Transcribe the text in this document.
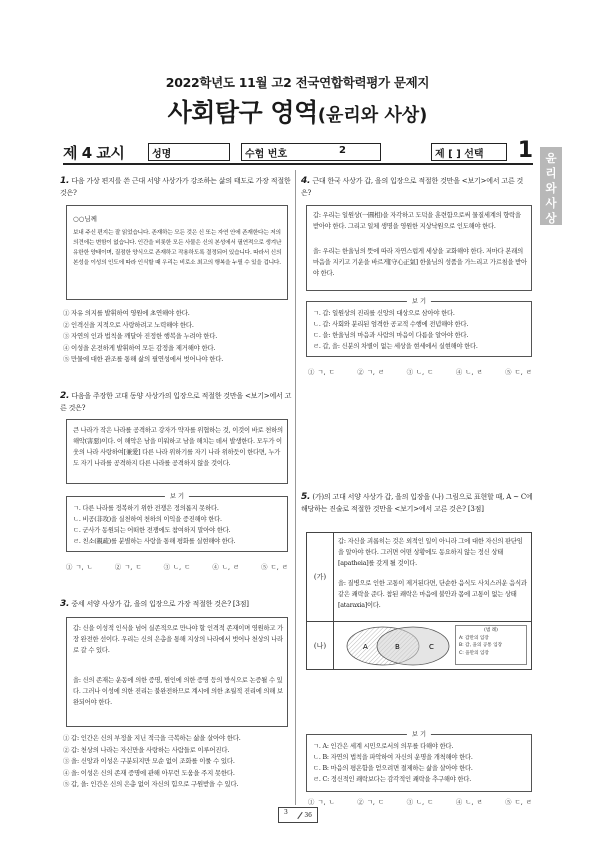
2022학년도 11월 고2 전국연합학력평가 문제지
사회탐구 영역(윤리와 사상)
제 4 교시	성명	수험 번호	2	제 [ ] 선택 1 윤리와 사상
1. 다음 가상 편지를 쓴 근대 서양 사상가가 강조하는 삶의 태도로 가장 적절한 것은?
○○님께
보내 주신 편지는 잘 읽었습니다. 존재하는 모든 것은 신 또는 자연 안에 존재한다는 저의 의견에는 변함이 없습니다. 인간을 비롯한 모든 사물은 신의 본성에서 필연적으로 생겨난 유한한 양태이며, 질점한 양식으로 존재하고 작용하도록 결정되어 있습니다. 따라서 신의 본성을 이성의 인도에 따라 인식할 때 우리는 비로소 최고의 행복을 누릴 수 있을 겁니다.
① 자유 의지를 발휘하여 영원에 초연해야 한다.
② 인격신을 지적으로 사랑하려고 노력해야 한다.
③ 자연의 인과 법칙을 깨달아 진정한 행복을 누려야 한다.
④ 이성을 온전하게 발휘하여 모든 감정을 제거해야 한다.
⑤ 만물에 대한 관조를 통해 삶의 필연성에서 벗어나야 한다.
2. 다음을 주장한 고대 동양 사상가의 입장으로 적절한 것만을 <보기>에서 고른 것은?
큰 나라가 작은 나라를 공격하고 강자가 약자를 위협하는 것, 이것이 바로 천하의 해악(害惡)이다. 이 해악은 남을 미워하고 남을 해치는 데서 발생한다. 모두가 이웃의 나라 사랑하여[兼愛] 다른 나라 위하기를 자기 나라 위하듯이 한다면, 누가도 자기 나라를 공격하지 다른 나라를 공격하지 않을 것이다.
보 기
ㄱ. 다른 나라를 정복하기 위한 전쟁은 정의롭지 못하다.
ㄴ. 비공(非攻)을 실천하여 천하의 이익을 증진해야 한다.
ㄷ. 군사가 동원되는 어떠한 전쟁에도 참여하지 말아야 한다.
ㄹ. 친소(親疏)를 분별하는 사랑을 통해 평화를 실현해야 한다.
① ㄱ, ㄴ	② ㄱ, ㄷ	③ ㄴ, ㄷ	④ ㄴ, ㄹ	⑤ ㄷ, ㄹ
3. 중세 서양 사상가 갑, 을의 입장으로 가장 적절한 것은? [3점]
갑: 신을 이성적 인식을 넘어 실존적으로 만나야 할 인격적 존재이며 영원하고 가장 완전한 선이다. 우리는 신의 은총을 통해 지상의 나라에서 벗어나 천상의 나라로 갈 수 있다.
을: 신의 존재는 운동에 의한 증명, 원인에 의한 증명 등의 방식으로 논증될 수 있다. 그러나 이성에 의한 진리는 불완전하므로 계시에 의한 초월적 진리에 의해 보완되어야 한다.
① 갑: 인간은 신의 부정을 지닌 적극을 극복하는 삶을 살아야 한다.
② 갑: 천상의 나라는 자신만을 사랑하는 사람들로 이루어진다.
③ 을: 신앙과 이성은 구분되지만 모순 없이 조화를 이룰 수 있다.
④ 을: 이성은 신의 존재 증명에 관해 아무런 도움을 주지 못한다.
⑤ 갑, 을: 인간은 신의 은총 없이 자신의 힘으로 구원받을 수 있다.
4. 근대 한국 사상가 갑, 을의 입장으로 적절한 것만을 <보기>에서 고른 것은?
갑: 우리는 일원상(一圓相)을 자각하고 도덕을 훈련함으로써 물질세계의 향락을 받아야 한다. 그리고 일체 생명을 영원한 지상낙원으로 인도해야 한다.
을: 우리는 한울님의 뜻에 따라 자연스럽게 세상을 교화해야 한다. 저마다 본래의 마음을 지키고 기운을 바르게[守心正氣] 한울님의 성품을 가느리고 가르침을 받아야 한다.
보 기
ㄱ. 갑: 일원상의 진리를 신앙의 대상으로 삼아야 한다.
ㄴ. 갑: 사회와 분리된 엄격한 공교적 수행에 전념해야 한다.
ㄷ. 을: 한울님의 마음과 사람의 마음이 다름을 알아야 한다.
ㄹ. 갑, 을: 신분의 차별이 없는 세상을 현세에서 실현해야 한다.
① ㄱ, ㄷ	② ㄱ, ㄹ	③ ㄴ, ㄷ	④ ㄴ, ㄹ	⑤ ㄷ, ㄹ
5. (가)의 고대 서양 사상가 갑, 을의 입장을 (나) 그림으로 표현할 때, A ~ C에 해당하는 진술로 적절한 것만을 <보기>에서 고른 것은? [3점]
(가)
갑: 자신을 괴롭히는 것은 외적인 일이 아니라 그에 대한 자신의 판단임을 알아야 한다. 그러면 어떤 상황에도 동요하지 않는 정신 상태[apatheia]를 갖게 될 것이다.
을: 질병으로 인한 고통이 제거된다면, 단순한 음식도 사치스러운 음식과 같은 쾌락을 준다. 참된 쾌락은 마음에 불안과 몸에 고통이 없는 상태[ataraxia]이다.
(나)	A	B	C
(범 례)
A: 갑만의 입장
B: 갑, 을의 공통 입장
C: 을만의 입장
보 기
ㄱ. A: 인간은 세계 시민으로서의 의무를 다해야 한다.
ㄴ. B: 자연의 법칙을 파악하여 자신의 운명을 개척해야 한다.
ㄷ. B: 마음의 평온함을 얻으려면 절제하는 삶을 살아야 한다.
ㄹ. C: 정신적인 쾌락보다는 감각적인 쾌락을 추구해야 한다.
① ㄱ, ㄴ	② ㄱ, ㄷ	③ ㄴ, ㄷ	④ ㄴ, ㄹ	⑤ ㄷ, ㄹ
3	36
